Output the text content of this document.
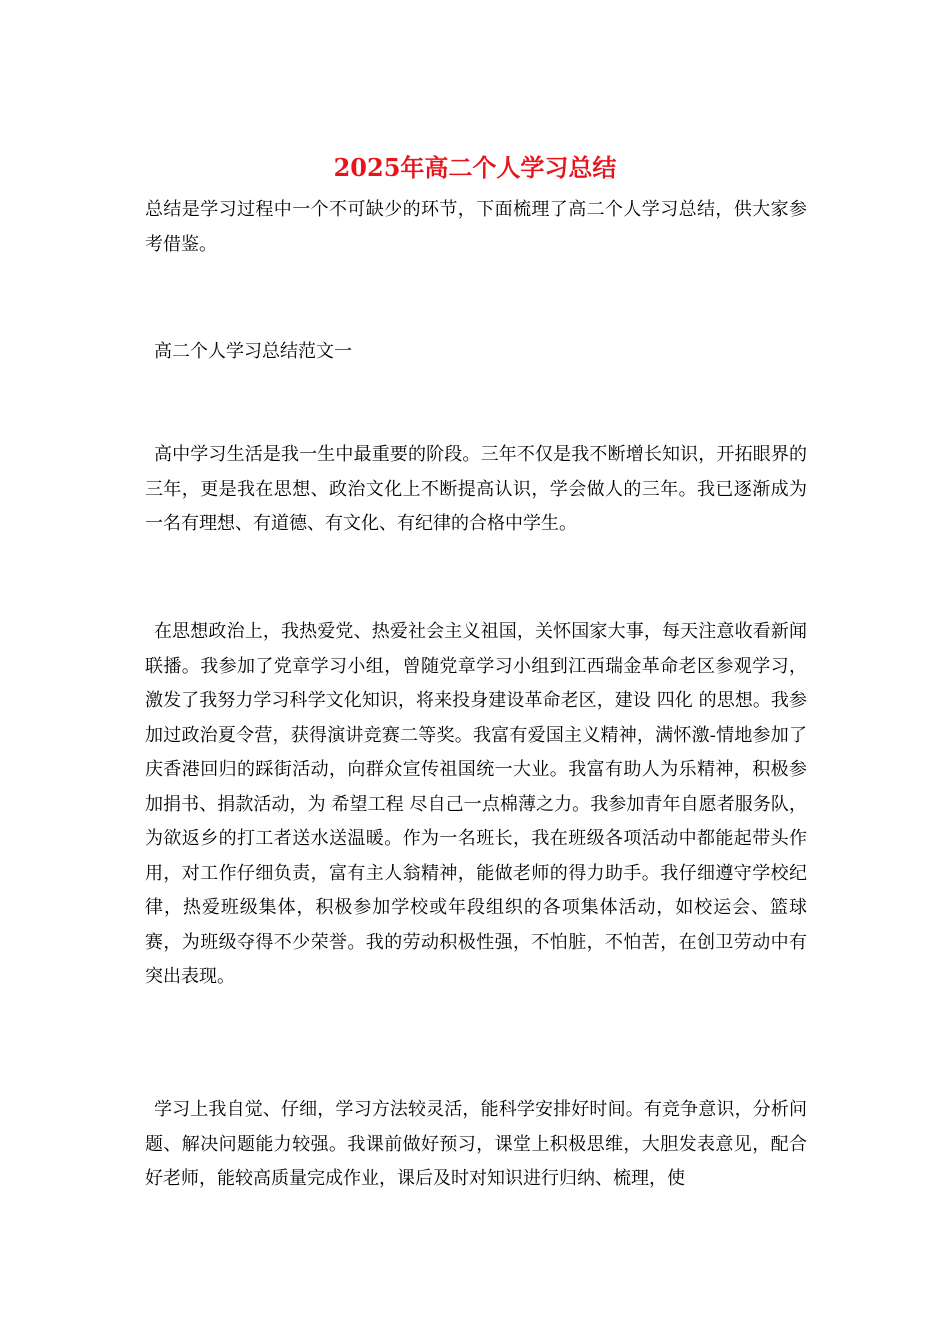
2025年高二个人学习总结

总结是学习过程中一个不可缺少的环节，下面梳理了高二个人学习总结，供大家参考借鉴。

高二个人学习总结范文一

高中学习生活是我一生中最重要的阶段。三年不仅是我不断增长知识，开拓眼界的三年，更是我在思想、政治文化上不断提高认识，学会做人的三年。我已逐渐成为一名有理想、有道德、有文化、有纪律的合格中学生。

在思想政治上，我热爱党、热爱社会主义祖国，关怀国家大事，每天注意收看新闻联播。我参加了党章学习小组，曾随党章学习小组到江西瑞金革命老区参观学习，激发了我努力学习科学文化知识，将来投身建设革命老区，建设 四化 的思想。我参加过政治夏令营，获得演讲竞赛二等奖。我富有爱国主义精神，满怀激-情地参加了庆香港回归的踩街活动，向群众宣传祖国统一大业。我富有助人为乐精神，积极参加捐书、捐款活动，为 希望工程 尽自己一点棉薄之力。我参加青年自愿者服务队，为欲返乡的打工者送水送温暖。作为一名班长，我在班级各项活动中都能起带头作用，对工作仔细负责，富有主人翁精神，能做老师的得力助手。我仔细遵守学校纪律，热爱班级集体，积极参加学校或年段组织的各项集体活动，如校运会、篮球赛，为班级夺得不少荣誉。我的劳动积极性强，不怕脏，不怕苦，在创卫劳动中有突出表现。

学习上我自觉、仔细，学习方法较灵活，能科学安排好时间。有竞争意识，分析问题、解决问题能力较强。我课前做好预习，课堂上积极思维，大胆发表意见，配合好老师，能较高质量完成作业，课后及时对知识进行归纳、梳理，使
